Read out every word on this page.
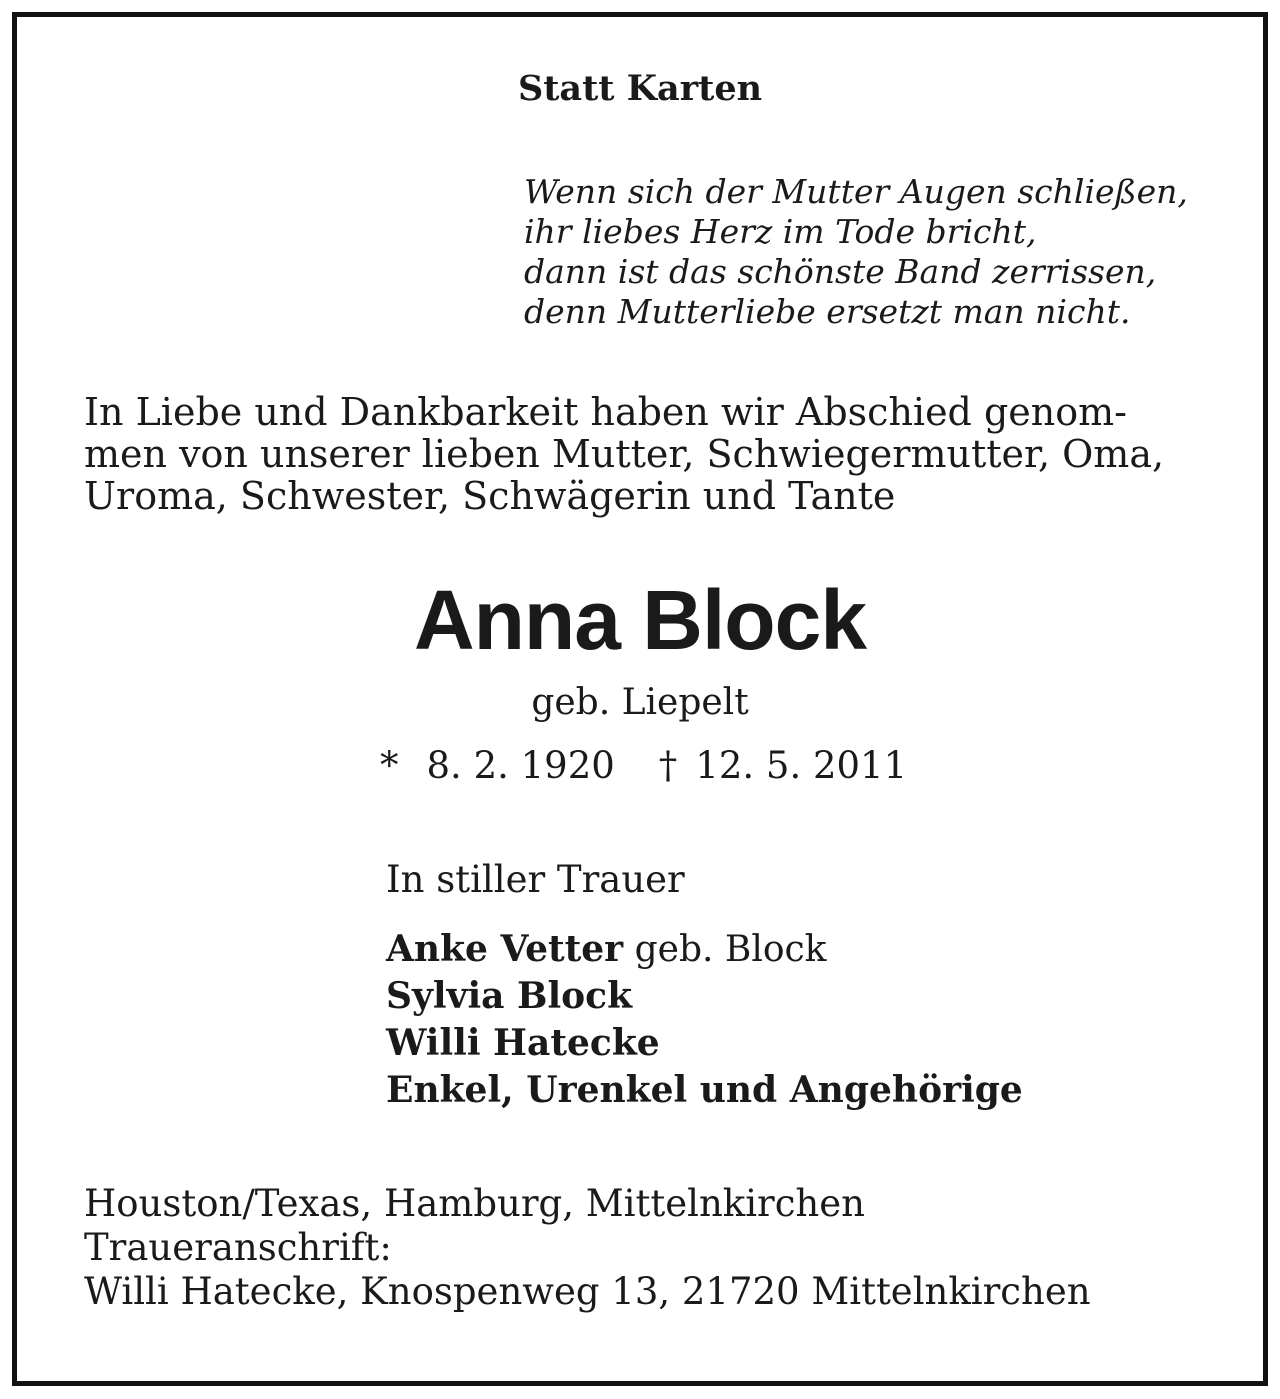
Statt Karten
Wenn sich der Mutter Augen schließen,
ihr liebes Herz im Tode bricht,
dann ist das schönste Band zerrissen,
denn Mutterliebe ersetzt man nicht.
In Liebe und Dankbarkeit haben wir Abschied genom-
men von unserer lieben Mutter, Schwiegermutter, Oma,
Uroma, Schwester, Schwägerin und Tante
Anna Block
geb. Liepelt
* 8. 2. 1920 † 12. 5. 2011
In stiller Trauer
Anke Vetter geb. Block
Sylvia Block
Willi Hatecke
Enkel, Urenkel und Angehörige
Houston/Texas, Hamburg, Mittelnkirchen
Traueranschrift:
Willi Hatecke, Knospenweg 13, 21720 Mittelnkirchen
